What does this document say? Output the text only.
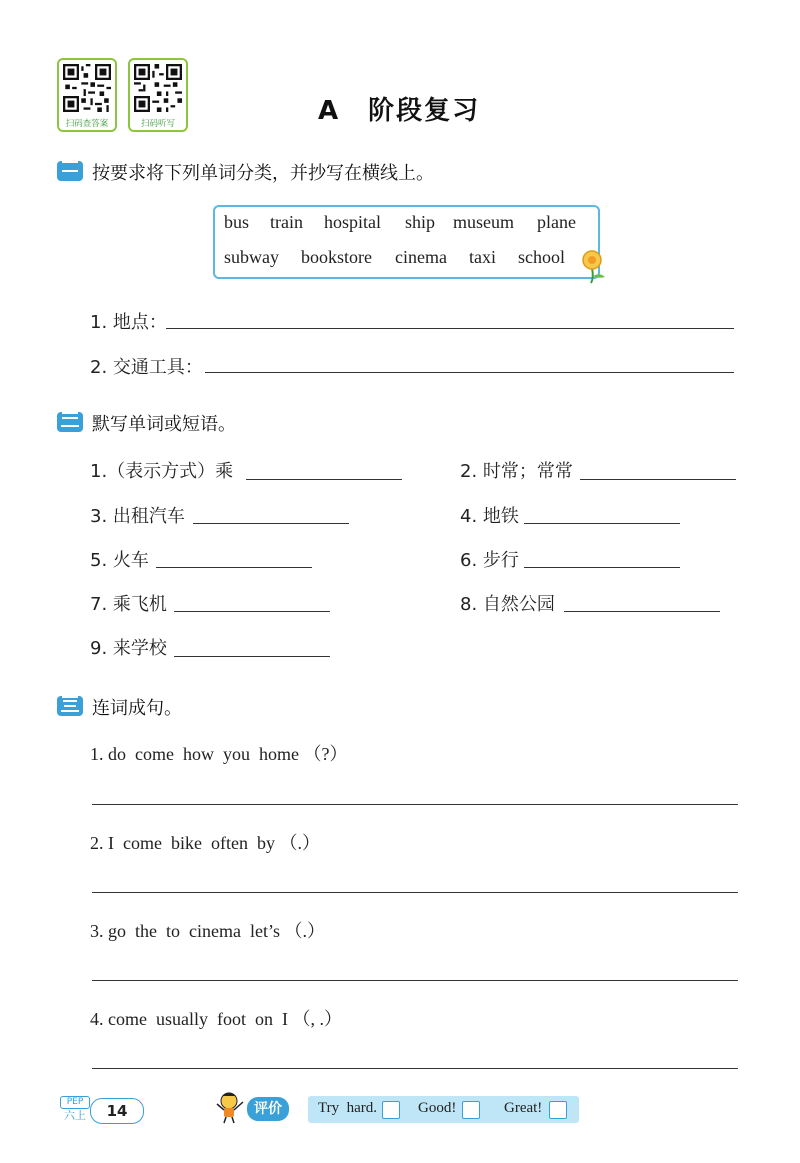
扫码查答案	扫码听写	A　阶段复习
按要求将下列单词分类，并抄写在横线上。
bus train hospital ship museum plane
subway bookstore cinema taxi school
1. 地点：
2. 交通工具：
默写单词或短语。
1.（表示方式）乘	2. 时常；常常
3. 出租汽车	4. 地铁
5. 火车	6. 步行
7. 乘飞机	8. 自然公园
9. 来学校
连词成句。
1. do  come  how  you  home （?）
2. I  come  bike  often  by （.）
3. go  the  to  cinema  let’s （.）
4. come  usually  foot  on  I （, .）
PEP
六上	14	评价	Try  hard.	Good!	Great!
